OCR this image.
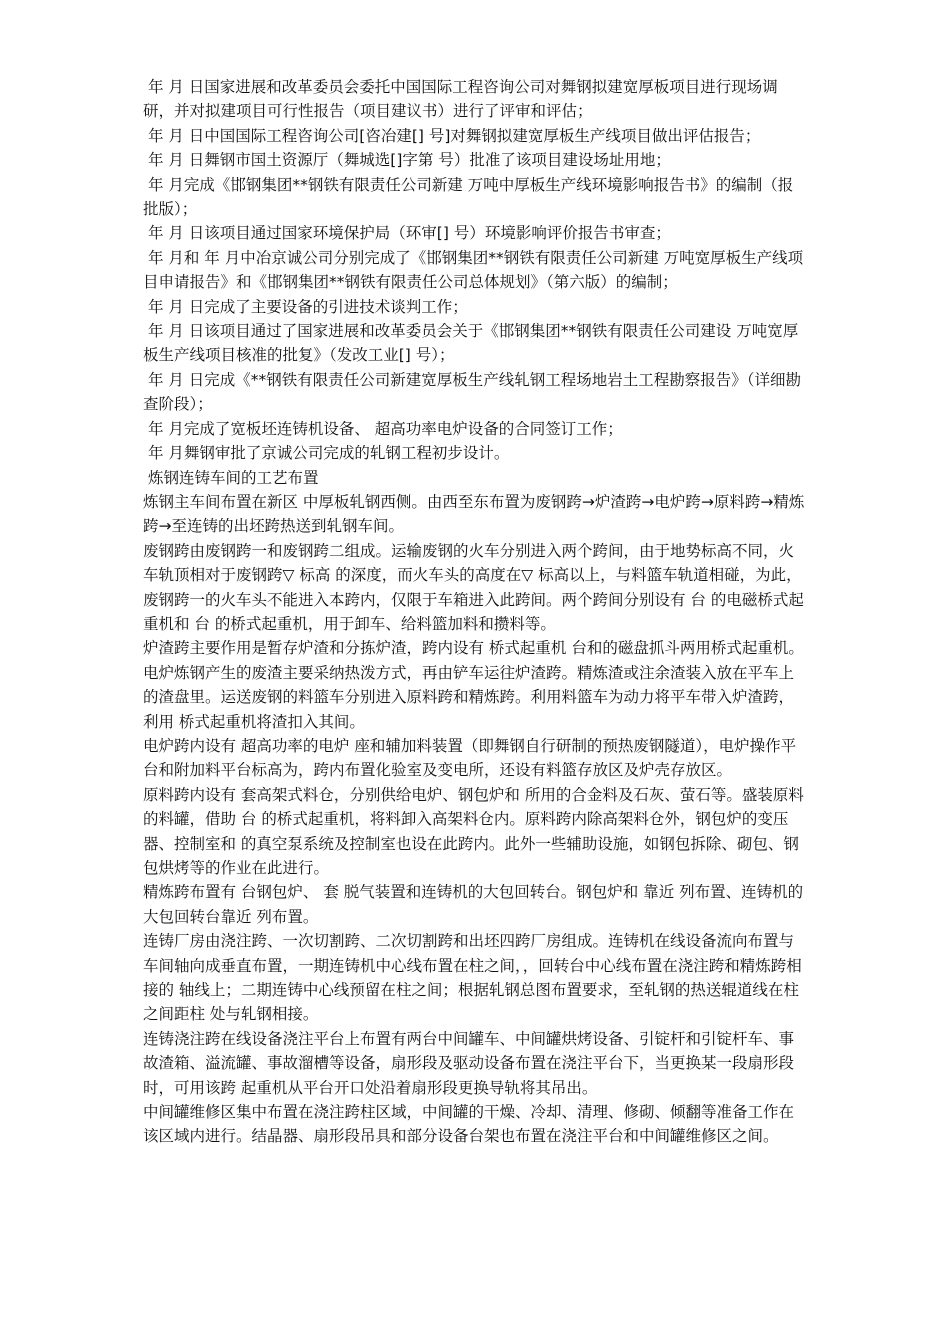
年 月 日国家进展和改革委员会委托中国国际工程咨询公司对舞钢拟建宽厚板项目进行现场调研，并对拟建项目可行性报告（项目建议书）进行了评审和评估；

年 月 日中国国际工程咨询公司[咨冶建[] 号]对舞钢拟建宽厚板生产线项目做出评估报告；

年 月 日舞钢市国土资源厅（舞城选[]字第 号）批准了该项目建设场址用地；

年 月完成《邯钢集团**钢铁有限责任公司新建 万吨中厚板生产线环境影响报告书》的编制（报批版）；

年 月 日该项目通过国家环境保护局（环审[] 号）环境影响评价报告书审查；

年 月和 年 月中冶京诚公司分别完成了《邯钢集团**钢铁有限责任公司新建 万吨宽厚板生产线项目申请报告》和《邯钢集团**钢铁有限责任公司总体规划》（第六版）的编制；

年 月 日完成了主要设备的引进技术谈判工作；

年 月 日该项目通过了国家进展和改革委员会关于《邯钢集团**钢铁有限责任公司建设 万吨宽厚板生产线项目核准的批复》（发改工业[] 号）；

年 月 日完成《**钢铁有限责任公司新建宽厚板生产线轧钢工程场地岩土工程勘察报告》（详细勘查阶段）；

年 月完成了宽板坯连铸机设备、 超高功率电炉设备的合同签订工作；

年 月舞钢审批了京诚公司完成的轧钢工程初步设计。

炼钢连铸车间的工艺布置

炼钢主车间布置在新区 中厚板轧钢西侧。由西至东布置为废钢跨→炉渣跨→电炉跨→原料跨→精炼跨→至连铸的出坯跨热送到轧钢车间。

废钢跨由废钢跨一和废钢跨二组成。运输废钢的火车分别进入两个跨间，由于地势标高不同，火车轨顶相对于废钢跨▽ 标高 的深度，而火车头的高度在▽ 标高以上，与料篮车轨道相碰，为此，废钢跨一的火车头不能进入本跨内，仅限于车箱进入此跨间。两个跨间分别设有 台 的电磁桥式起重机和 台 的桥式起重机，用于卸车、给料篮加料和攒料等。

炉渣跨主要作用是暂存炉渣和分拣炉渣，跨内设有 桥式起重机 台和的磁盘抓斗两用桥式起重机。电炉炼钢产生的废渣主要采纳热泼方式，再由铲车运往炉渣跨。精炼渣或注余渣装入放在平车上的渣盘里。运送废钢的料篮车分别进入原料跨和精炼跨。利用料篮车为动力将平车带入炉渣跨，利用 桥式起重机将渣扣入其间。

电炉跨内设有 超高功率的电炉 座和辅加料装置（即舞钢自行研制的预热废钢隧道），电炉操作平台和附加料平台标高为，跨内布置化验室及变电所，还设有料篮存放区及炉壳存放区。

原料跨内设有 套高架式料仓，分别供给电炉、钢包炉和 所用的合金料及石灰、萤石等。盛装原料的料罐，借助 台 的桥式起重机，将料卸入高架料仓内。原料跨内除高架料仓外，钢包炉的变压器、控制室和 的真空泵系统及控制室也设在此跨内。此外一些辅助设施，如钢包拆除、砌包、钢包烘烤等的作业在此进行。

精炼跨布置有 台钢包炉、 套 脱气装置和连铸机的大包回转台。钢包炉和 靠近 列布置、连铸机的大包回转台靠近 列布置。

连铸厂房由浇注跨、一次切割跨、二次切割跨和出坯四跨厂房组成。连铸机在线设备流向布置与车间轴向成垂直布置，一期连铸机中心线布置在柱之间，，回转台中心线布置在浇注跨和精炼跨相接的 轴线上；二期连铸中心线预留在柱之间；根据轧钢总图布置要求，至轧钢的热送辊道线在柱之间距柱 处与轧钢相接。

连铸浇注跨在线设备浇注平台上布置有两台中间罐车、中间罐烘烤设备、引锭杆和引锭杆车、事故渣箱、溢流罐、事故溜槽等设备，扇形段及驱动设备布置在浇注平台下，当更换某一段扇形段时，可用该跨 起重机从平台开口处沿着扇形段更换导轨将其吊出。

中间罐维修区集中布置在浇注跨柱区域，中间罐的干燥、冷却、清理、修砌、倾翻等准备工作在该区域内进行。结晶器、扇形段吊具和部分设备台架也布置在浇注平台和中间罐维修区之间。
